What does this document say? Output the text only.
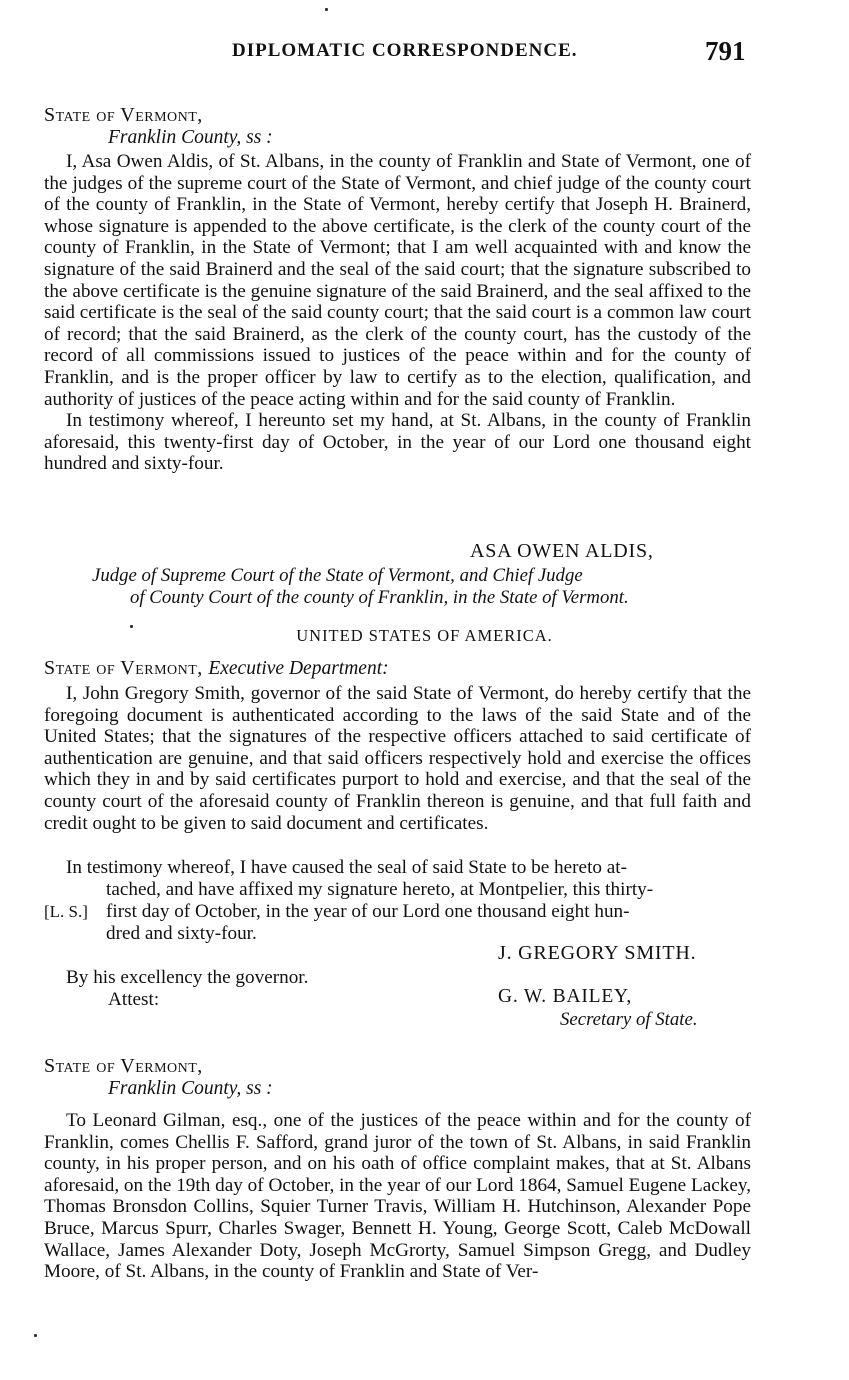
DIPLOMATIC CORRESPONDENCE.	791
State of Vermont,
Franklin County, ss :

I, Asa Owen Aldis, of St. Albans, in the county of Franklin and State of Vermont, one of the judges of the supreme court of the State of Vermont, and chief judge of the county court of the county of Franklin, in the State of Vermont, hereby certify that Joseph H. Brainerd, whose signature is appended to the above certificate, is the clerk of the county court of the county of Franklin, in the State of Vermont; that I am well acquainted with and know the signature of the said Brainerd and the seal of the said court; that the signature subscribed to the above certificate is the genuine signature of the said Brainerd, and the seal affixed to the said certificate is the seal of the said county court; that the said court is a common law court of record; that the said Brainerd, as the clerk of the county court, has the custody of the record of all commissions issued to justices of the peace within and for the county of Franklin, and is the proper officer by law to certify as to the election, qualification, and authority of justices of the peace acting within and for the said county of Franklin.

In testimony whereof, I hereunto set my hand, at St. Albans, in the county of Franklin aforesaid, this twenty-first day of October, in the year of our Lord one thousand eight hundred and sixty-four.

ASA OWEN ALDIS,
Judge of Supreme Court of the State of Vermont, and Chief Judge
of County Court of the county of Franklin, in the State of Vermont.
UNITED STATES OF AMERICA.
State of Vermont, Executive Department:

I, John Gregory Smith, governor of the said State of Vermont, do hereby certify that the foregoing document is authenticated according to the laws of the said State and of the United States; that the signatures of the respective officers attached to said certificate of authentication are genuine, and that said officers respectively hold and exercise the offices which they in and by said certificates purport to hold and exercise, and that the seal of the county court of the aforesaid county of Franklin thereon is genuine, and that full faith and credit ought to be given to said document and certificates.

In testimony whereof, I have caused the seal of said State to be hereto at-
tached, and have affixed my signature hereto, at Montpelier, this thirty-
[L. S.] first day of October, in the year of our Lord one thousand eight hun-
dred and sixty-four.
J. GREGORY SMITH.
By his excellency the governor.
Attest:	G. W. BAILEY,
Secretary of State.
State of Vermont,
Franklin County, ss :

To Leonard Gilman, esq., one of the justices of the peace within and for the county of Franklin, comes Chellis F. Safford, grand juror of the town of St. Albans, in said Franklin county, in his proper person, and on his oath of office complaint makes, that at St. Albans aforesaid, on the 19th day of October, in the year of our Lord 1864, Samuel Eugene Lackey, Thomas Bronsdon Collins, Squier Turner Travis, William H. Hutchinson, Alexander Pope Bruce, Marcus Spurr, Charles Swager, Bennett H. Young, George Scott, Caleb McDowall Wallace, James Alexander Doty, Joseph McGrorty, Samuel Simpson Gregg, and Dudley Moore, of St. Albans, in the county of Franklin and State of Ver-
